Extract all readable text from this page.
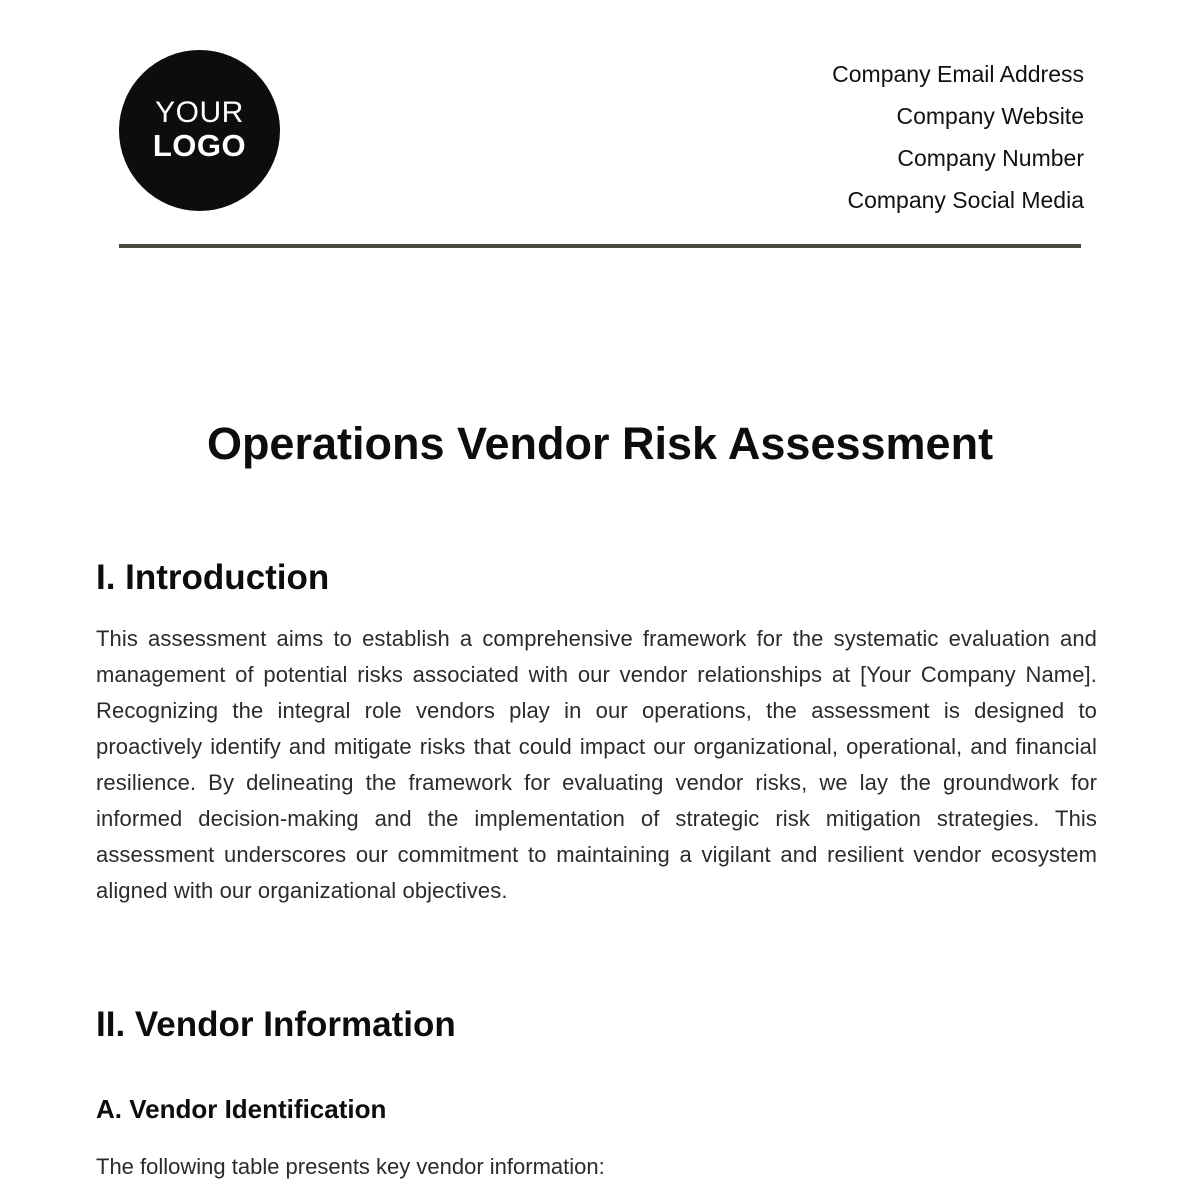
YOUR
LOGO
Company Email Address
Company Website
Company Number
Company Social Media
Operations Vendor Risk Assessment
I. Introduction

This assessment aims to establish a comprehensive framework for the systematic evaluation and management of potential risks associated with our vendor relationships at [Your Company Name]. Recognizing the integral role vendors play in our operations, the assessment is designed to proactively identify and mitigate risks that could impact our organizational, operational, and financial resilience. By delineating the framework for evaluating vendor risks, we lay the groundwork for informed decision-making and the implementation of strategic risk mitigation strategies. This assessment underscores our commitment to maintaining a vigilant and resilient vendor ecosystem aligned with our organizational objectives.

II. Vendor Information
A. Vendor Identification

The following table presents key vendor information:
